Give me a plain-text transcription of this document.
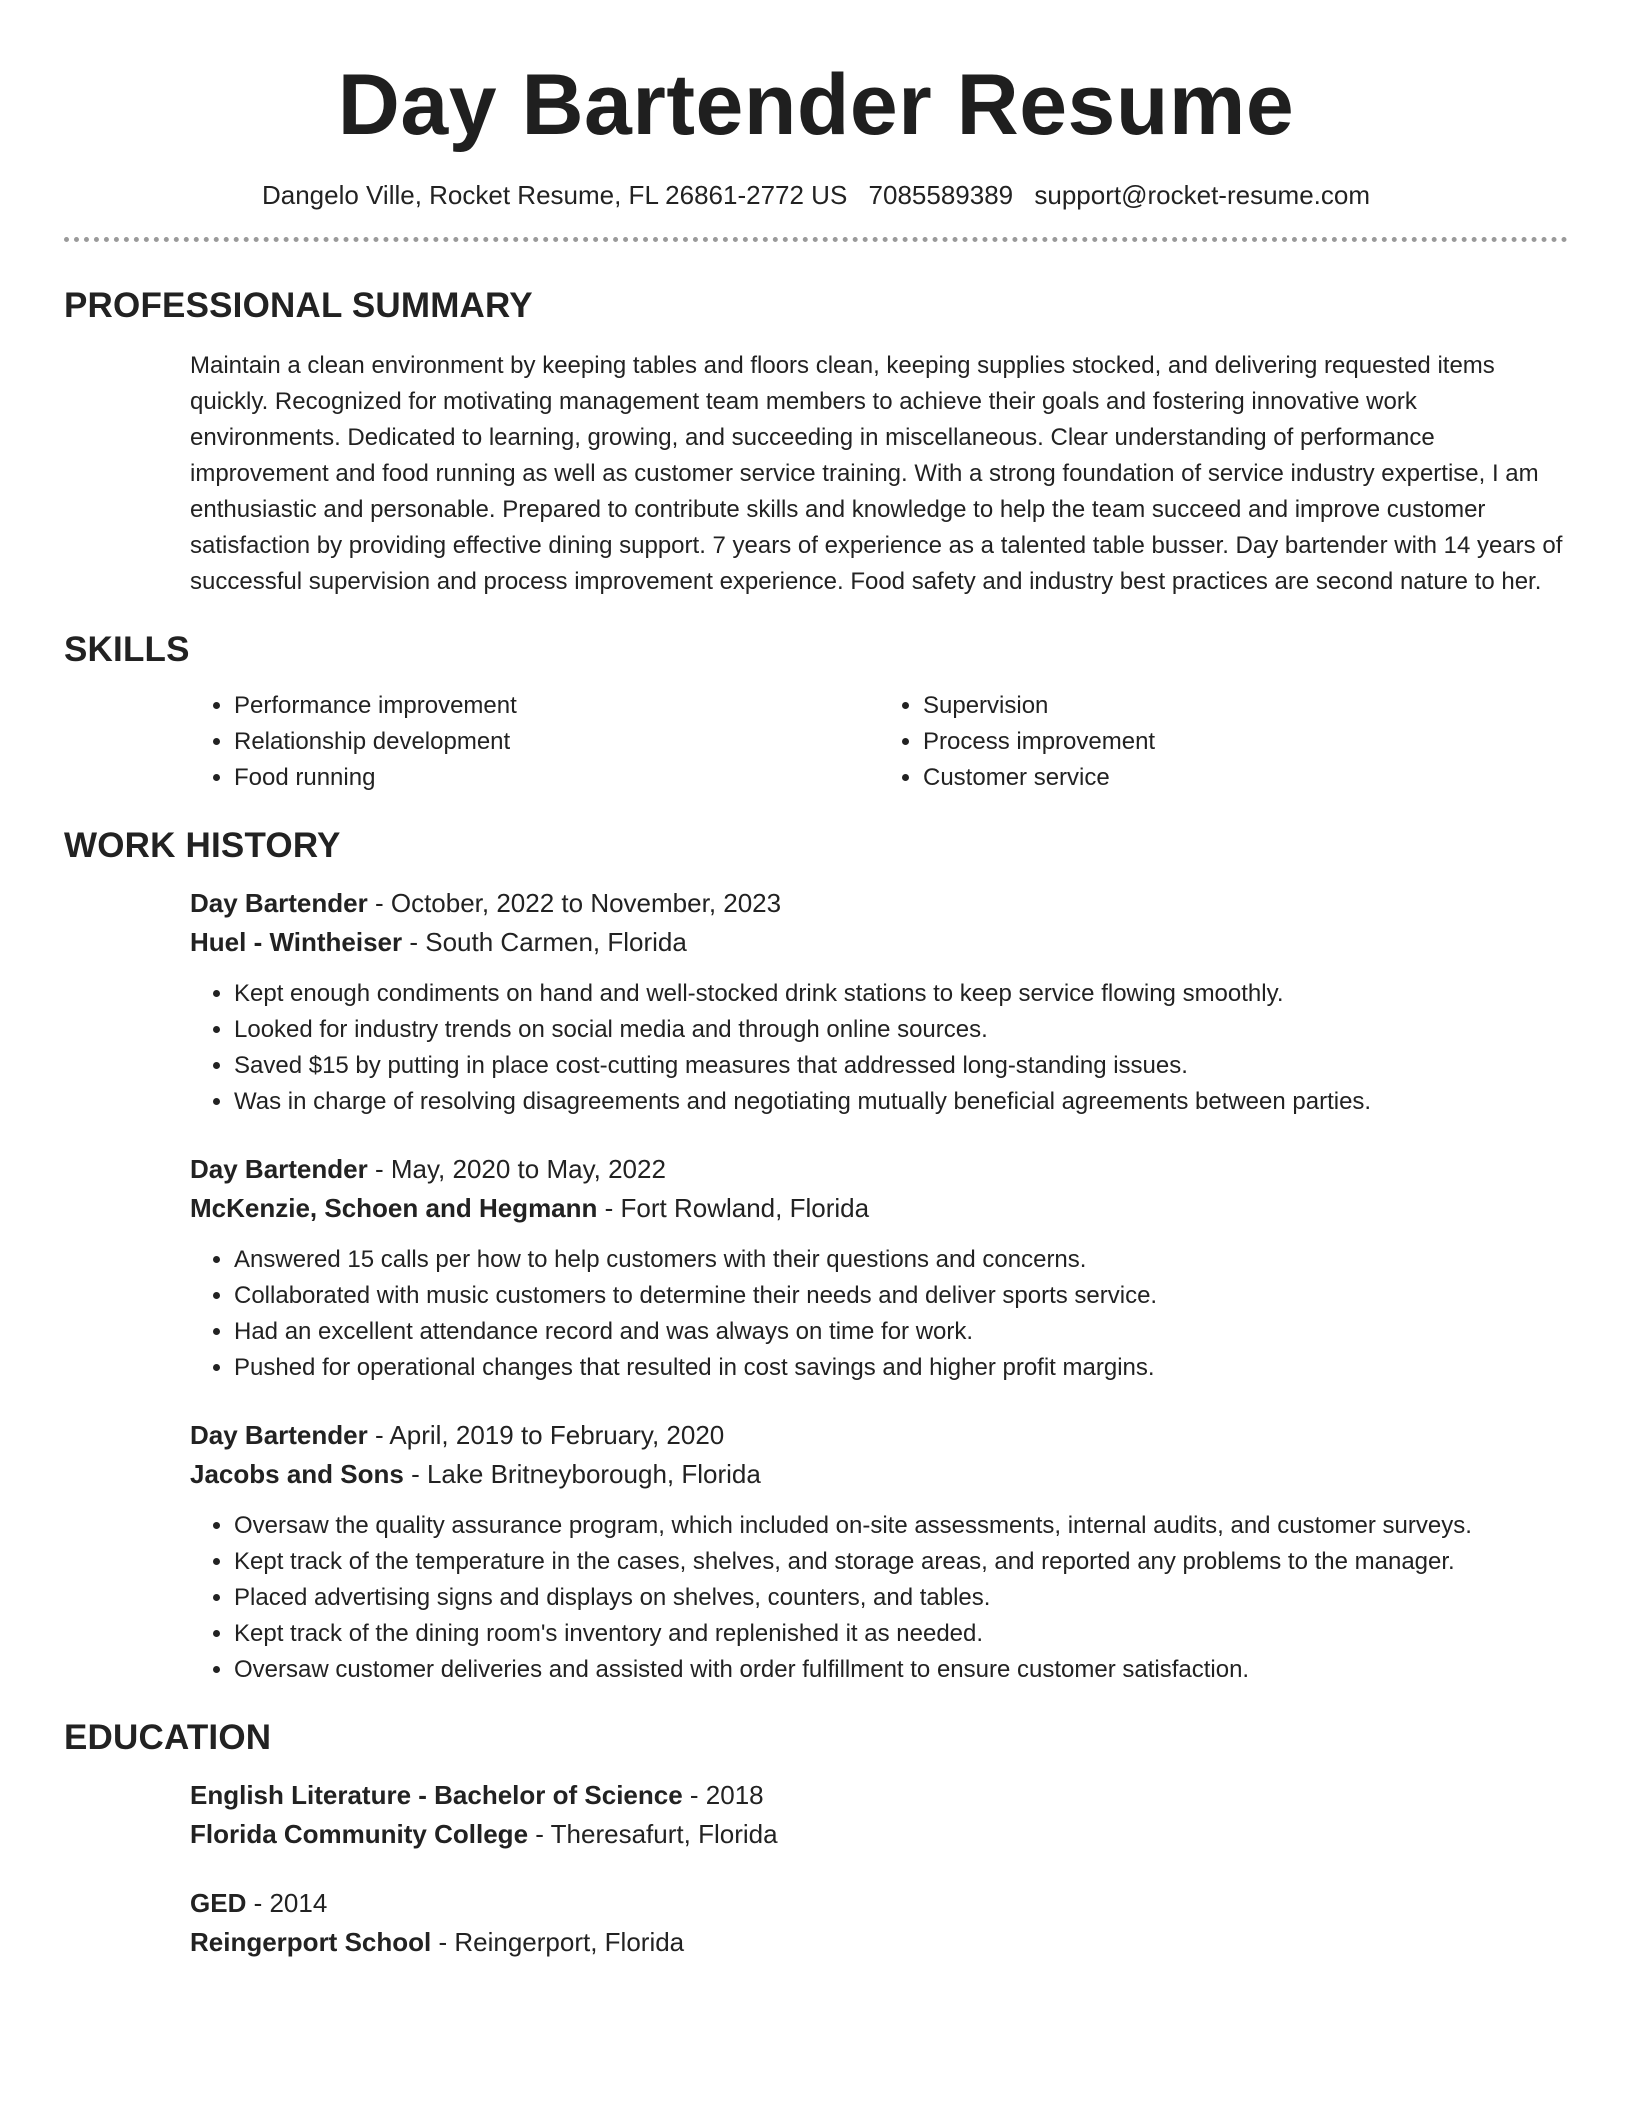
Day Bartender Resume
Dangelo Ville, Rocket Resume, FL 26861-2772 US 7085589389 support@rocket-resume.com
PROFESSIONAL SUMMARY

Maintain a clean environment by keeping tables and floors clean, keeping supplies stocked, and delivering requested items quickly. Recognized for motivating management team members to achieve their goals and fostering innovative work environments. Dedicated to learning, growing, and succeeding in miscellaneous. Clear understanding of performance improvement and food running as well as customer service training. With a strong foundation of service industry expertise, I am enthusiastic and personable. Prepared to contribute skills and knowledge to help the team succeed and improve customer satisfaction by providing effective dining support. 7 years of experience as a talented table busser. Day bartender with 14 years of successful supervision and process improvement experience. Food safety and industry best practices are second nature to her.

SKILLS
• Performance improvement
• Relationship development
• Food running
• Supervision
• Process improvement
• Customer service
WORK HISTORY
Day Bartender - October, 2022 to November, 2023
Huel - Wintheiser - South Carmen, Florida
• Kept enough condiments on hand and well-stocked drink stations to keep service flowing smoothly.
• Looked for industry trends on social media and through online sources.
• Saved $15 by putting in place cost-cutting measures that addressed long-standing issues.
• Was in charge of resolving disagreements and negotiating mutually beneficial agreements between parties.
Day Bartender - May, 2020 to May, 2022
McKenzie, Schoen and Hegmann - Fort Rowland, Florida
• Answered 15 calls per how to help customers with their questions and concerns.
• Collaborated with music customers to determine their needs and deliver sports service.
• Had an excellent attendance record and was always on time for work.
• Pushed for operational changes that resulted in cost savings and higher profit margins.
Day Bartender - April, 2019 to February, 2020
Jacobs and Sons - Lake Britneyborough, Florida
• Oversaw the quality assurance program, which included on-site assessments, internal audits, and customer surveys.
• Kept track of the temperature in the cases, shelves, and storage areas, and reported any problems to the manager.
• Placed advertising signs and displays on shelves, counters, and tables.
• Kept track of the dining room's inventory and replenished it as needed.
• Oversaw customer deliveries and assisted with order fulfillment to ensure customer satisfaction.
EDUCATION
English Literature - Bachelor of Science - 2018
Florida Community College - Theresafurt, Florida
GED - 2014
Reingerport School - Reingerport, Florida
